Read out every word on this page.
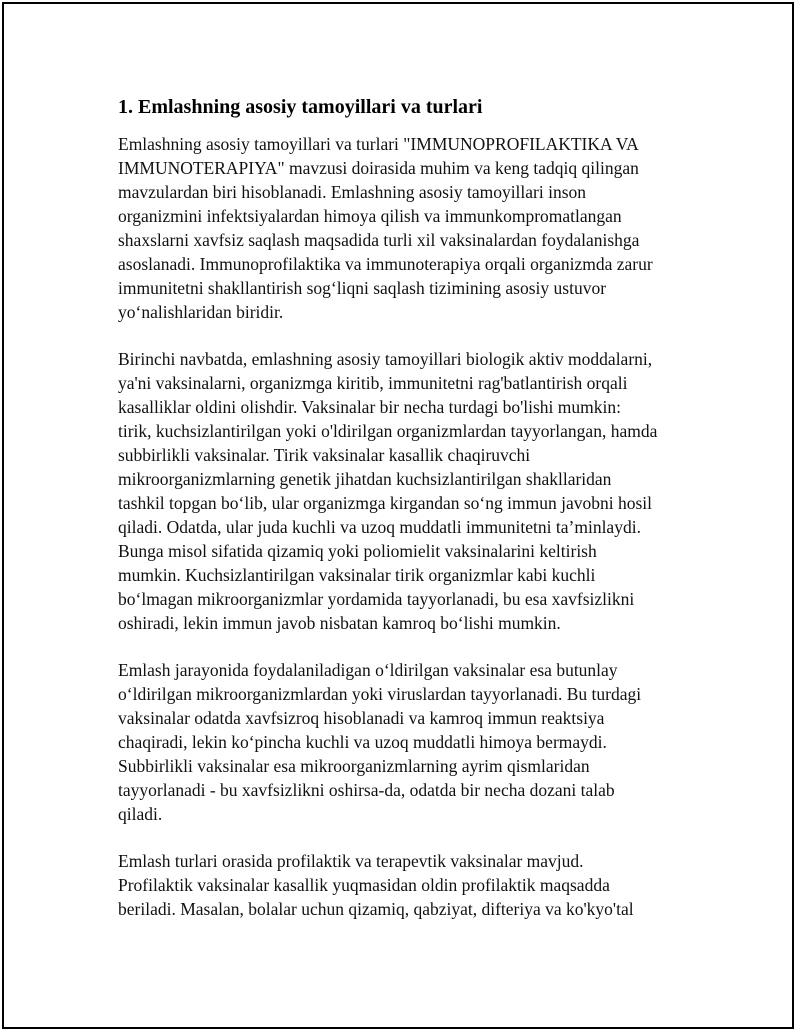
1. Emlashning asosiy tamoyillari va turlari

Emlashning asosiy tamoyillari va turlari "IMMUNOPROFILAKTIKA VA
IMMUNOTERAPIYA" mavzusi doirasida muhim va keng tadqiq qilingan
mavzulardan biri hisoblanadi. Emlashning asosiy tamoyillari inson
organizmini infektsiyalardan himoya qilish va immunkompromatlangan
shaxslarni xavfsiz saqlash maqsadida turli xil vaksinalardan foydalanishga
asoslanadi. Immunoprofilaktika va immunoterapiya orqali organizmda zarur
immunitetni shakllantirish sog‘liqni saqlash tizimining asosiy ustuvor
yo‘nalishlaridan biridir.

Birinchi navbatda, emlashning asosiy tamoyillari biologik aktiv moddalarni,
ya'ni vaksinalarni, organizmga kiritib, immunitetni rag'batlantirish orqali
kasalliklar oldini olishdir. Vaksinalar bir necha turdagi bo'lishi mumkin:
tirik, kuchsizlantirilgan yoki o'ldirilgan organizmlardan tayyorlangan, hamda
subbirlikli vaksinalar. Tirik vaksinalar kasallik chaqiruvchi
mikroorganizmlarning genetik jihatdan kuchsizlantirilgan shakllaridan
tashkil topgan bo‘lib, ular organizmga kirgandan so‘ng immun javobni hosil
qiladi. Odatda, ular juda kuchli va uzoq muddatli immunitetni ta’minlaydi.
Bunga misol sifatida qizamiq yoki poliomielit vaksinalarini keltirish
mumkin. Kuchsizlantirilgan vaksinalar tirik organizmlar kabi kuchli
bo‘lmagan mikroorganizmlar yordamida tayyorlanadi, bu esa xavfsizlikni
oshiradi, lekin immun javob nisbatan kamroq bo‘lishi mumkin.

Emlash jarayonida foydalaniladigan o‘ldirilgan vaksinalar esa butunlay
o‘ldirilgan mikroorganizmlardan yoki viruslardan tayyorlanadi. Bu turdagi
vaksinalar odatda xavfsizroq hisoblanadi va kamroq immun reaktsiya
chaqiradi, lekin ko‘pincha kuchli va uzoq muddatli himoya bermaydi.
Subbirlikli vaksinalar esa mikroorganizmlarning ayrim qismlaridan
tayyorlanadi - bu xavfsizlikni oshirsa-da, odatda bir necha dozani talab
qiladi.

Emlash turlari orasida profilaktik va terapevtik vaksinalar mavjud.
Profilaktik vaksinalar kasallik yuqmasidan oldin profilaktik maqsadda
beriladi. Masalan, bolalar uchun qizamiq, qabziyat, difteriya va ko'kyo'tal
